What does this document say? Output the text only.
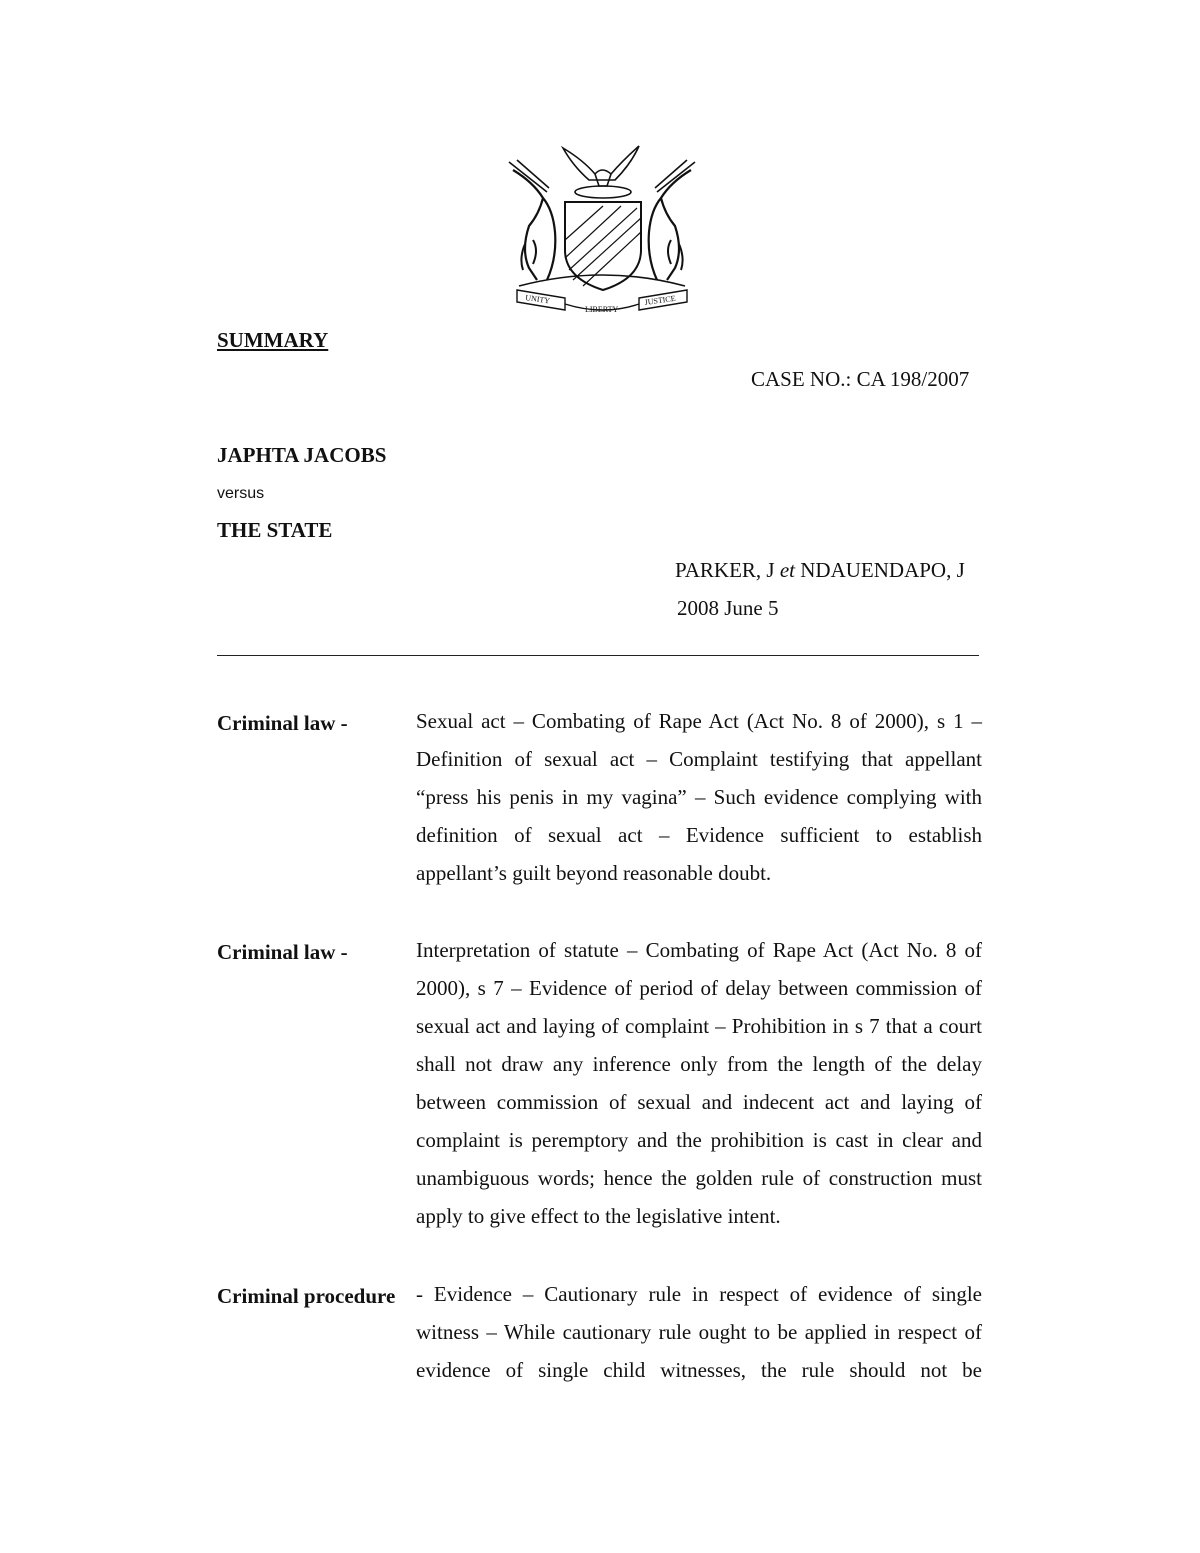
UNITY
LIBERTY
JUSTICE
SUMMARY
CASE NO.: CA 198/2007
JAPHTA JACOBS
versus
THE STATE
PARKER, J et NDAUENDAPO, J
2008 June 5
Criminal law -	Sexual act – Combating of Rape Act (Act No. 8 of 2000), s 1 – Definition of sexual act – Complaint testifying that appellant “press his penis in my vagina” – Such evidence complying with definition of sexual act – Evidence sufficient to establish appellant’s guilt beyond reasonable doubt.
Criminal law -	Interpretation of statute – Combating of Rape Act (Act No. 8 of 2000), s 7 – Evidence of period of delay between commission of sexual act and laying of complaint – Prohibition in s 7 that a court shall not draw any inference only from the length of the delay between commission of sexual and indecent act and laying of complaint is peremptory and the prohibition is cast in clear and unambiguous words; hence the golden rule of construction must apply to give effect to the legislative intent.
Criminal procedure - Evidence – Cautionary rule in respect of evidence of single witness – While cautionary rule ought to be applied in respect of evidence of single child witnesses, the rule should not be
